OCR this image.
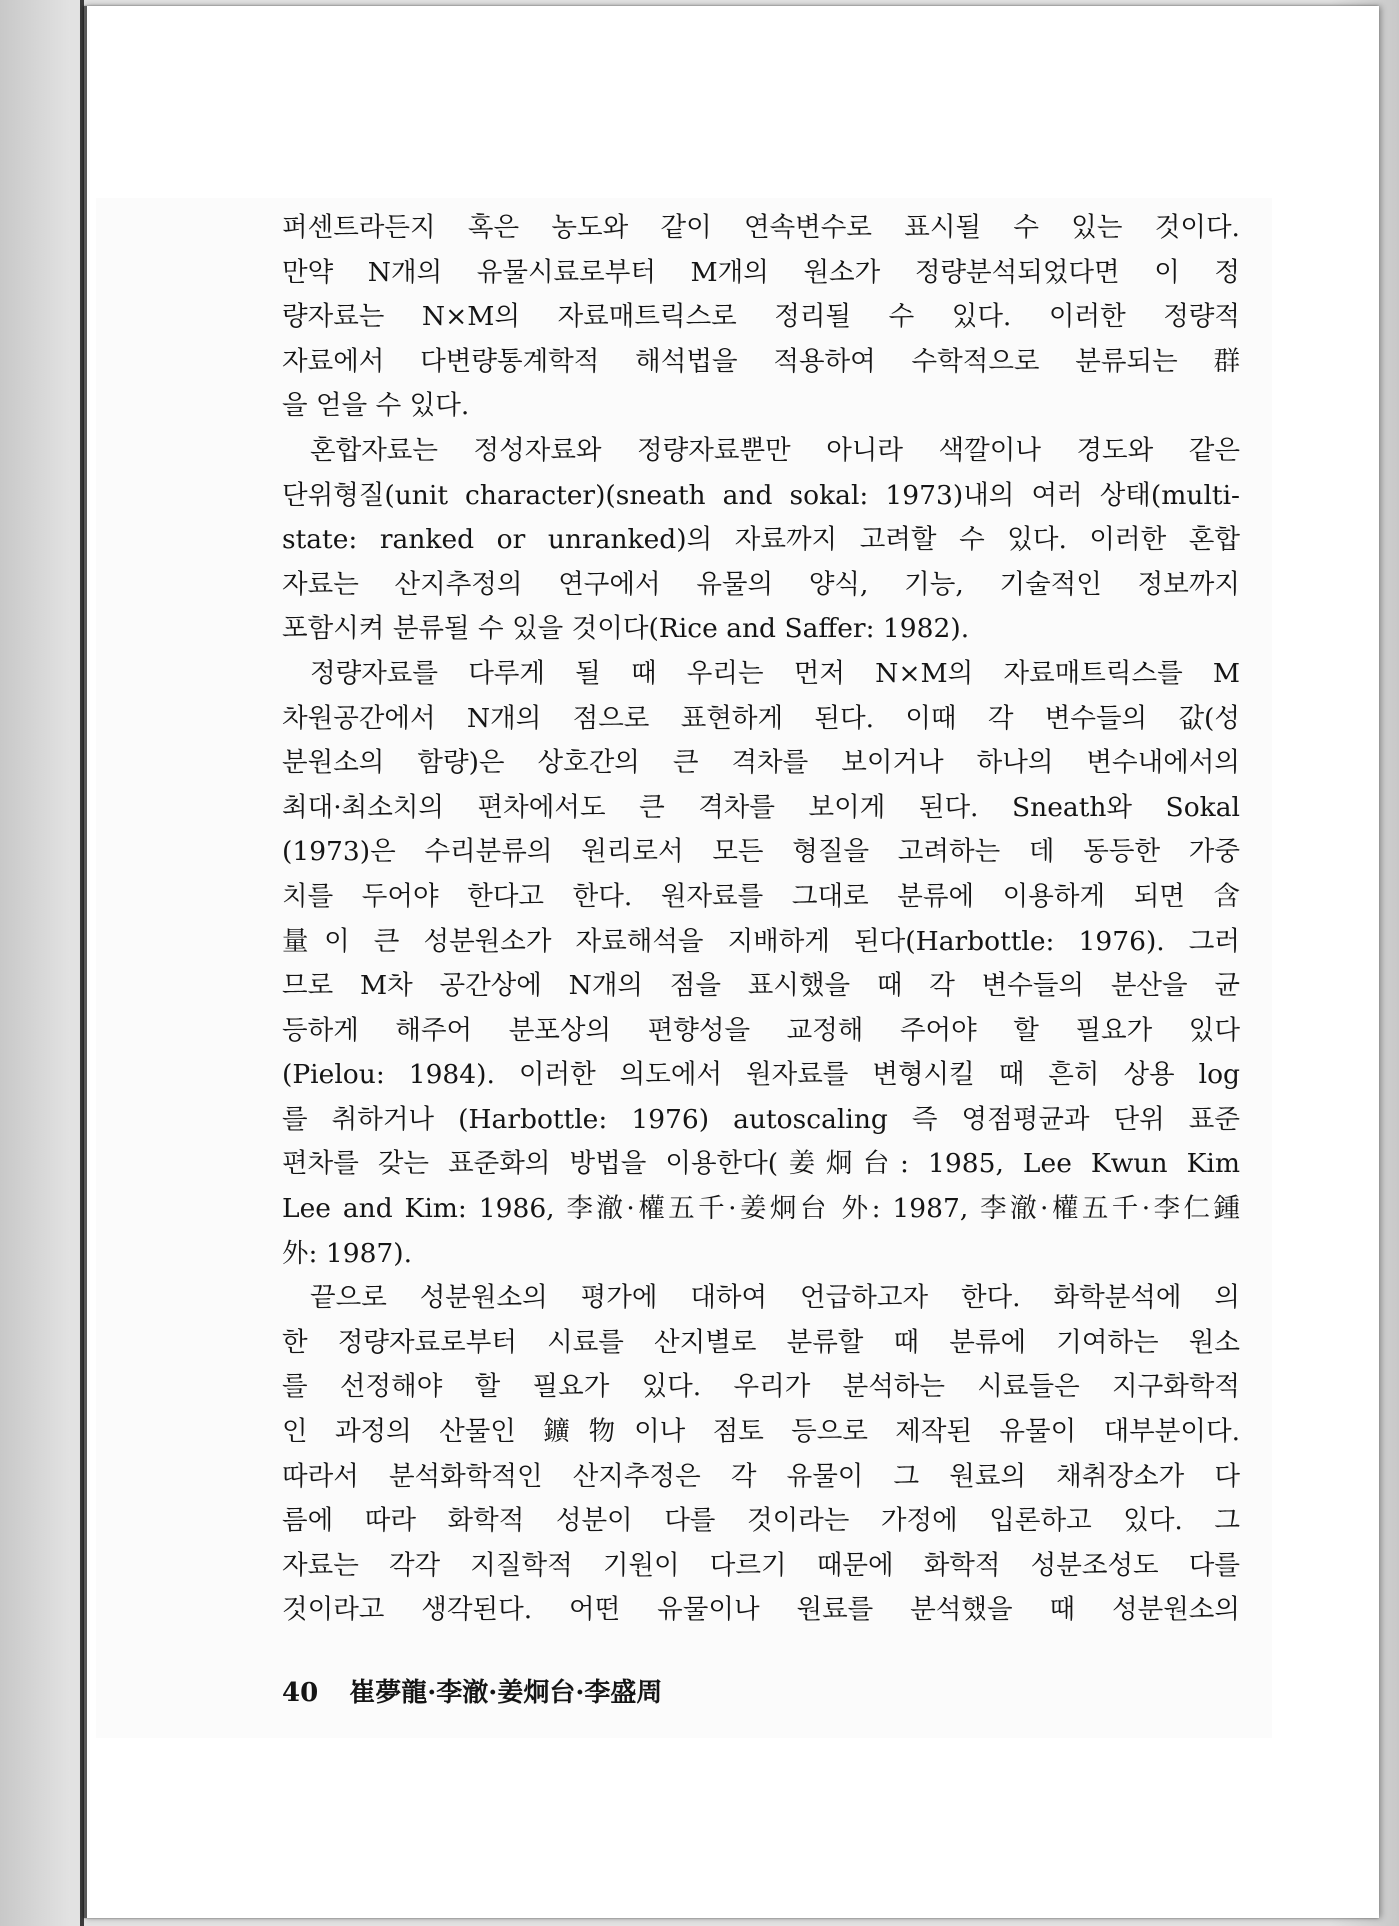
퍼센트라든지 혹은 농도와 같이 연속변수로 표시될 수 있는 것이다.
만약 N개의 유물시료로부터 M개의 원소가 정량분석되었다면 이 정
량자료는 N×M의 자료매트릭스로 정리될 수 있다. 이러한 정량적
자료에서 다변량통계학적 해석법을 적용하여 수학적으로 분류되는 群
을 얻을 수 있다.
혼합자료는 정성자료와 정량자료뿐만 아니라 색깔이나 경도와 같은
단위형질(unit character)(sneath and sokal: 1973)내의 여러 상태(multi-
state: ranked or unranked)의 자료까지 고려할 수 있다. 이러한 혼합
자료는 산지추정의 연구에서 유물의 양식, 기능, 기술적인 정보까지
포함시켜 분류될 수 있을 것이다(Rice and Saffer: 1982).
정량자료를 다루게 될 때 우리는 먼저 N×M의 자료매트릭스를 M
차원공간에서 N개의 점으로 표현하게 된다. 이때 각 변수들의 값(성
분원소의 함량)은 상호간의 큰 격차를 보이거나 하나의 변수내에서의
최대·최소치의 편차에서도 큰 격차를 보이게 된다. Sneath와 Sokal
(1973)은 수리분류의 원리로서 모든 형질을 고려하는 데 동등한 가중
치를 두어야 한다고 한다. 원자료를 그대로 분류에 이용하게 되면 含
量이 큰 성분원소가 자료해석을 지배하게 된다(Harbottle: 1976). 그러
므로 M차 공간상에 N개의 점을 표시했을 때 각 변수들의 분산을 균
등하게 해주어 분포상의 편향성을 교정해 주어야 할 필요가 있다
(Pielou: 1984). 이러한 의도에서 원자료를 변형시킬 때 흔히 상용 log
를 취하거나 (Harbottle: 1976) autoscaling 즉 영점평균과 단위 표준
편차를 갖는 표준화의 방법을 이용한다(姜炯台: 1985, Lee Kwun Kim
Lee and Kim: 1986, 李澈·權五千·姜炯台 外: 1987, 李澈·權五千·李仁鍾
外: 1987).
끝으로 성분원소의 평가에 대하여 언급하고자 한다. 화학분석에 의
한 정량자료로부터 시료를 산지별로 분류할 때 분류에 기여하는 원소
를 선정해야 할 필요가 있다. 우리가 분석하는 시료들은 지구화학적
인 과정의 산물인 鑛物이나 점토 등으로 제작된 유물이 대부분이다.
따라서 분석화학적인 산지추정은 각 유물이 그 원료의 채취장소가 다
름에 따라 화학적 성분이 다를 것이라는 가정에 입론하고 있다. 그
자료는 각각 지질학적 기원이 다르기 때문에 화학적 성분조성도 다를
것이라고 생각된다. 어떤 유물이나 원료를 분석했을 때 성분원소의
40 崔夢龍·李澈·姜炯台·李盛周
